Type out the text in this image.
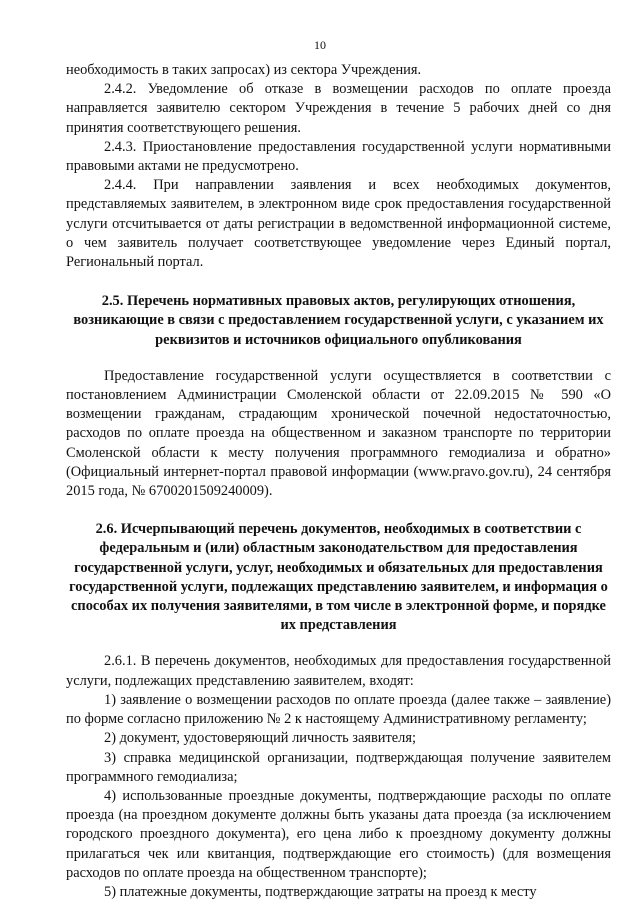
10

необходимость в таких запросах) из сектора Учреждения.

2.4.2. Уведомление об отказе в возмещении расходов по оплате проезда направляется заявителю сектором Учреждения в течение 5 рабочих дней со дня принятия соответствующего решения.

2.4.3. Приостановление предоставления государственной услуги нормативными правовыми актами не предусмотрено.

2.4.4. При направлении заявления и всех необходимых документов, представляемых заявителем, в электронном виде срок предоставления государственной услуги отсчитывается от даты регистрации в ведомственной информационной системе, о чем заявитель получает соответствующее уведомление через Единый портал, Региональный портал.

2.5. Перечень нормативных правовых актов, регулирующих отношения, возникающие в связи с предоставлением государственной услуги, с указанием их реквизитов и источников официального опубликования

Предоставление государственной услуги осуществляется в соответствии с постановлением Администрации Смоленской области от 22.09.2015 № 590 «О возмещении гражданам, страдающим хронической почечной недостаточностью, расходов по оплате проезда на общественном и заказном транспорте по территории Смоленской области к месту получения программного гемодиализа и обратно» (Официальный интернет-портал правовой информации (www.pravo.gov.ru), 24 сентября 2015 года, № 6700201509240009).

2.6. Исчерпывающий перечень документов, необходимых в соответствии с федеральным и (или) областным законодательством для предоставления государственной услуги, услуг, необходимых и обязательных для предоставления государственной услуги, подлежащих представлению заявителем, и информация о способах их получения заявителями, в том числе в электронной форме, и порядке их представления

2.6.1. В перечень документов, необходимых для предоставления государственной услуги, подлежащих представлению заявителем, входят:

1) заявление о возмещении расходов по оплате проезда (далее также – заявление) по форме согласно приложению № 2 к настоящему Административному регламенту;

2) документ, удостоверяющий личность заявителя;

3) справка медицинской организации, подтверждающая получение заявителем программного гемодиализа;

4) использованные проездные документы, подтверждающие расходы по оплате проезда (на проездном документе должны быть указаны дата проезда (за исключением городского проездного документа), его цена либо к проездному документу должны прилагаться чек или квитанция, подтверждающие его стоимость) (для возмещения расходов по оплате проезда на общественном транспорте);

5) платежные документы, подтверждающие затраты на проезд к месту
